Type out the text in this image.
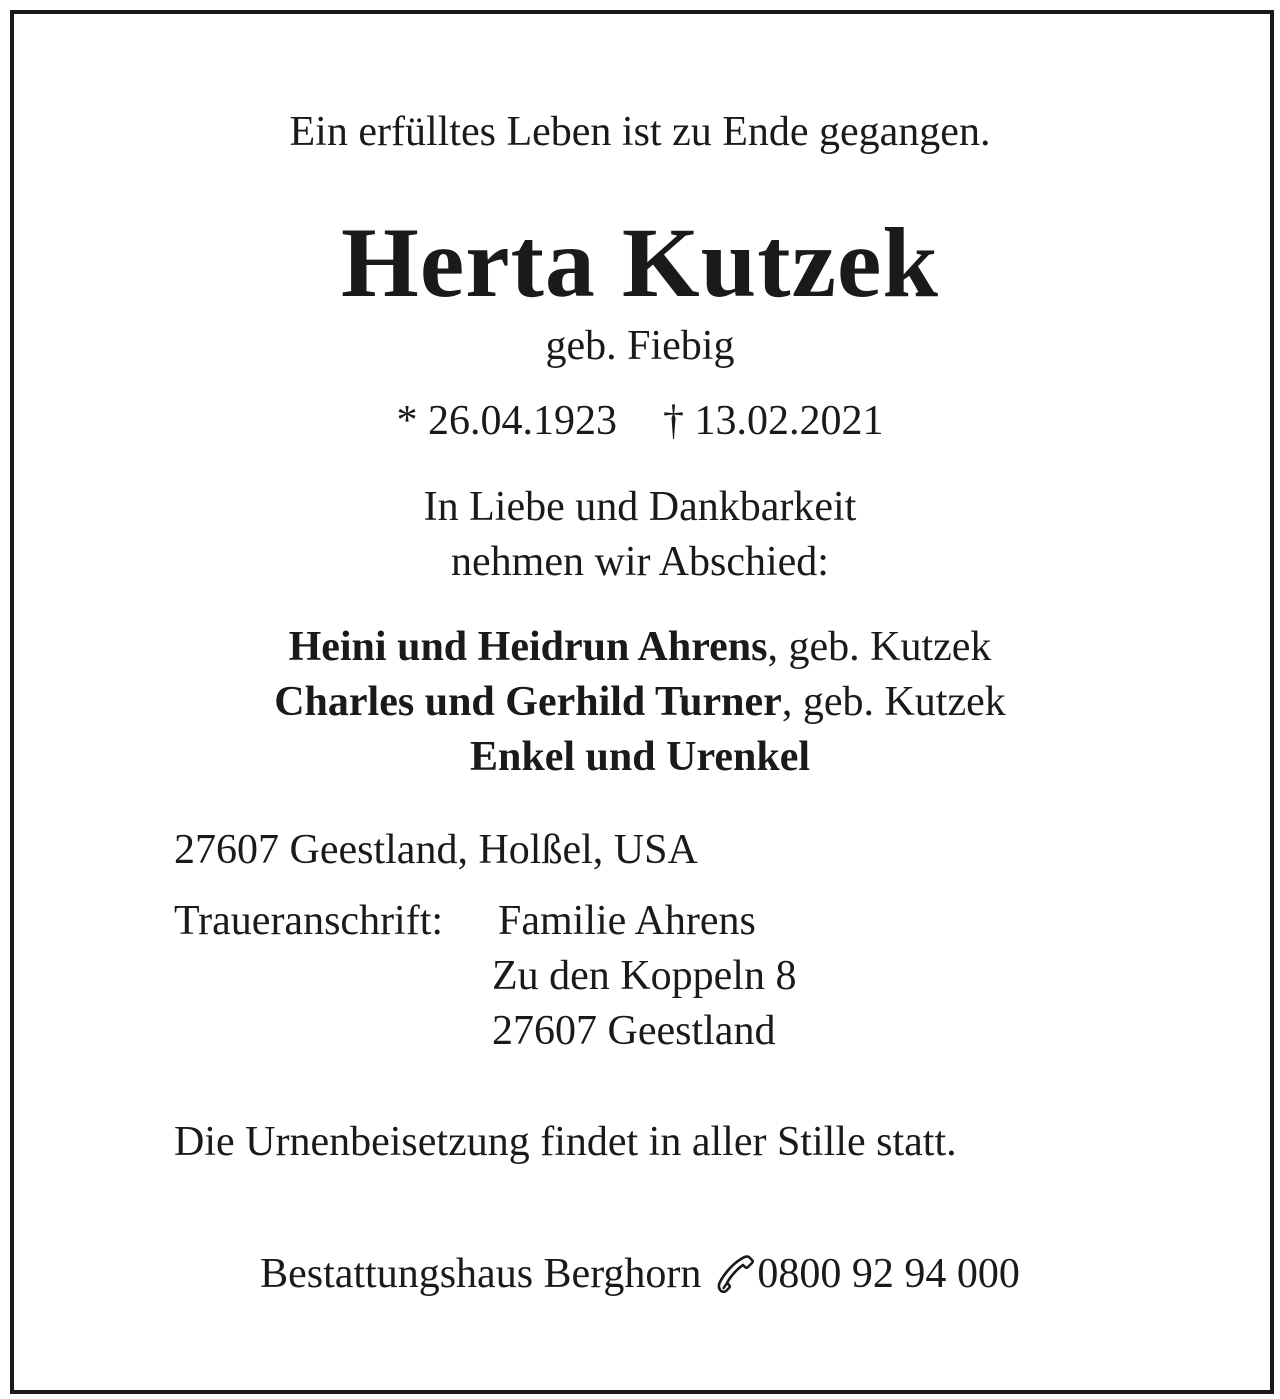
Ein erfülltes Leben ist zu Ende gegangen.
Herta Kutzek
geb. Fiebig
* 26.04.1923 † 13.02.2021
In Liebe und Dankbarkeit
nehmen wir Abschied:
Heini und Heidrun Ahrens, geb. Kutzek
Charles und Gerhild Turner, geb. Kutzek
Enkel und Urenkel
27607 Geestland, Holßel, USA
Traueranschrift: Familie Ahrens
Zu den Koppeln 8
27607 Geestland
Die Urnenbeisetzung findet in aller Stille statt.
Bestattungshaus Berghorn 0800 92 94 000
